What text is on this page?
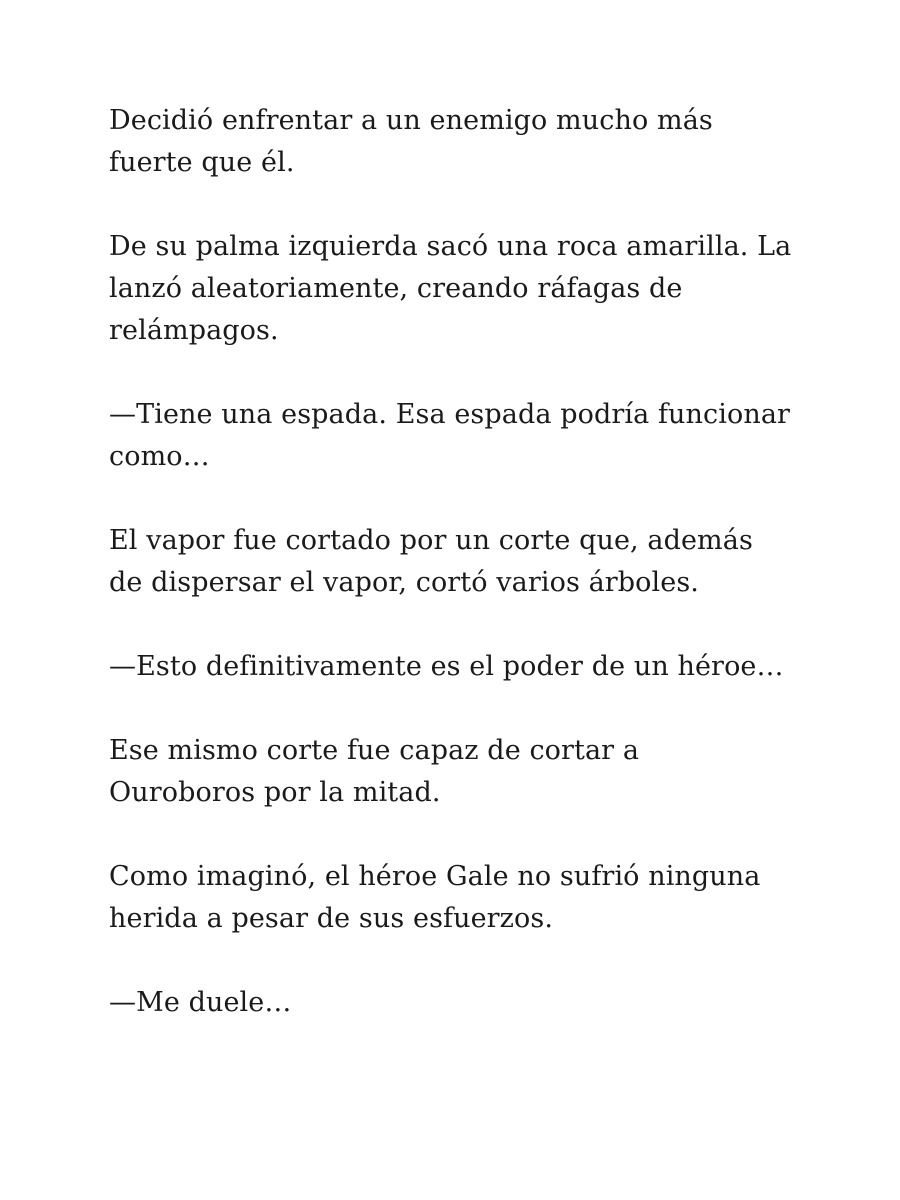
Decidió enfrentar a un enemigo mucho más
fuerte que él.

De su palma izquierda sacó una roca amarilla. La
lanzó aleatoriamente, creando ráfagas de
relámpagos.

—Tiene una espada. Esa espada podría funcionar
como…

El vapor fue cortado por un corte que, además
de dispersar el vapor, cortó varios árboles.

—Esto definitivamente es el poder de un héroe…

Ese mismo corte fue capaz de cortar a
Ouroboros por la mitad.

Como imaginó, el héroe Gale no sufrió ninguna
herida a pesar de sus esfuerzos.

—Me duele…
